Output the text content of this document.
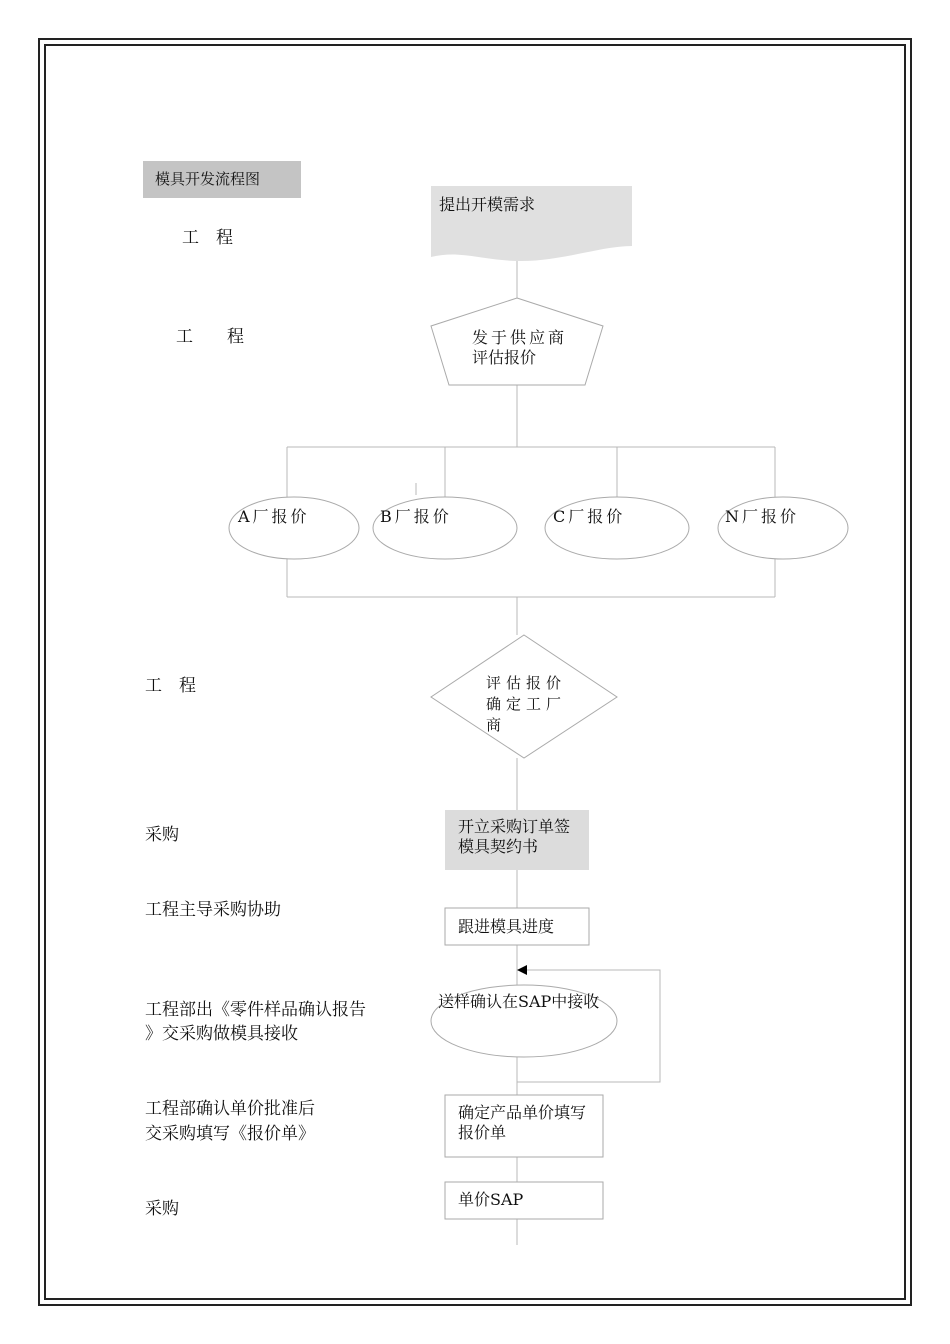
模具开发流程图
工　程
工　　程
工　程
采购
工程主导采购协助
工程部出《零件样品确认报告
》交采购做模具接收
工程部确认单价批准后
交采购填写《报价单》
采购
提出开模需求
发于供应商
评估报价
A厂报价	B厂报价	C厂报价	N厂报价
评估报价确定工厂商
开立采购订单签
模具契约书
跟进模具进度
送样确认在SAP中接收
确定产品单价填写
报价单
单价SAP
